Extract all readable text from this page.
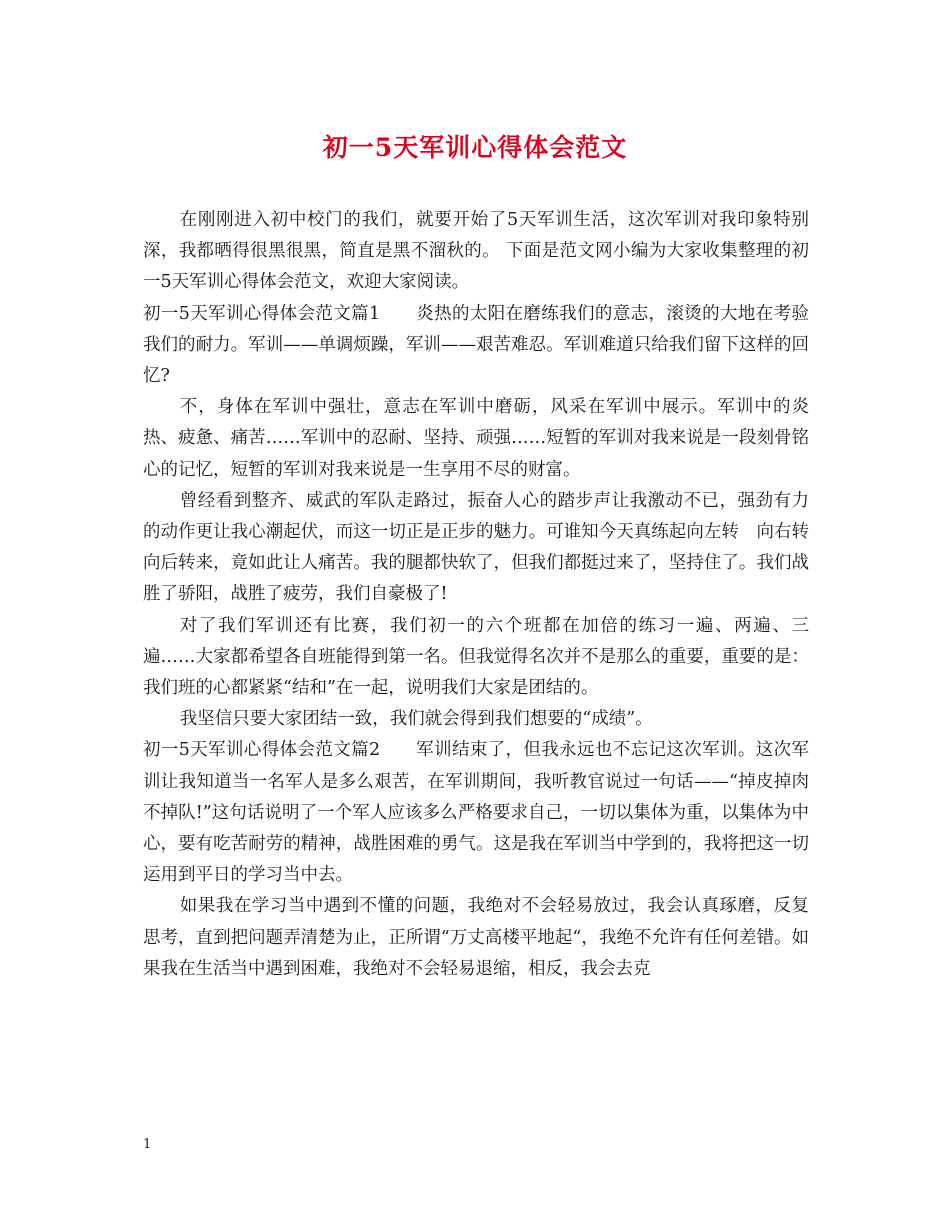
初一5天军训心得体会范文

在刚刚进入初中校门的我们，就要开始了5天军训生活，这次军训对我印象特别深，我都晒得很黑很黑，简直是黑不溜秋的。 下面是范文网小编为大家收集整理的初一5天军训心得体会范文，欢迎大家阅读。

初一5天军训心得体会范文篇1　　炎热的太阳在磨练我们的意志，滚烫的大地在考验我们的耐力。军训——单调烦躁，军训——艰苦难忍。军训难道只给我们留下这样的回忆?

不，身体在军训中强壮，意志在军训中磨砺，风采在军训中展示。军训中的炎热、疲惫、痛苦……军训中的忍耐、坚持、顽强……短暂的军训对我来说是一段刻骨铭心的记忆，短暂的军训对我来说是一生享用不尽的财富。

曾经看到整齐、威武的军队走路过，振奋人心的踏步声让我激动不已，强劲有力的动作更让我心潮起伏，而这一切正是正步的魅力。可谁知今天真练起向左转　向右转　向后转来，竟如此让人痛苦。我的腿都快软了，但我们都挺过来了，坚持住了。我们战胜了骄阳，战胜了疲劳，我们自豪极了!

对了我们军训还有比赛，我们初一的六个班都在加倍的练习一遍、两遍、三遍……大家都希望各自班能得到第一名。但我觉得名次并不是那么的重要，重要的是：我们班的心都紧紧“结和”在一起，说明我们大家是团结的。

我坚信只要大家团结一致，我们就会得到我们想要的“成绩”。

初一5天军训心得体会范文篇2　　军训结束了，但我永远也不忘记这次军训。这次军训让我知道当一名军人是多么艰苦，在军训期间，我听教官说过一句话——“掉皮掉肉不掉队!”这句话说明了一个军人应该多么严格要求自己，一切以集体为重，以集体为中心，要有吃苦耐劳的精神，战胜困难的勇气。这是我在军训当中学到的，我将把这一切运用到平日的学习当中去。

如果我在学习当中遇到不懂的问题，我绝对不会轻易放过，我会认真琢磨，反复思考，直到把问题弄清楚为止，正所谓“万丈高楼平地起“，我绝不允许有任何差错。如果我在生活当中遇到困难，我绝对不会轻易退缩，相反，我会去克

1
